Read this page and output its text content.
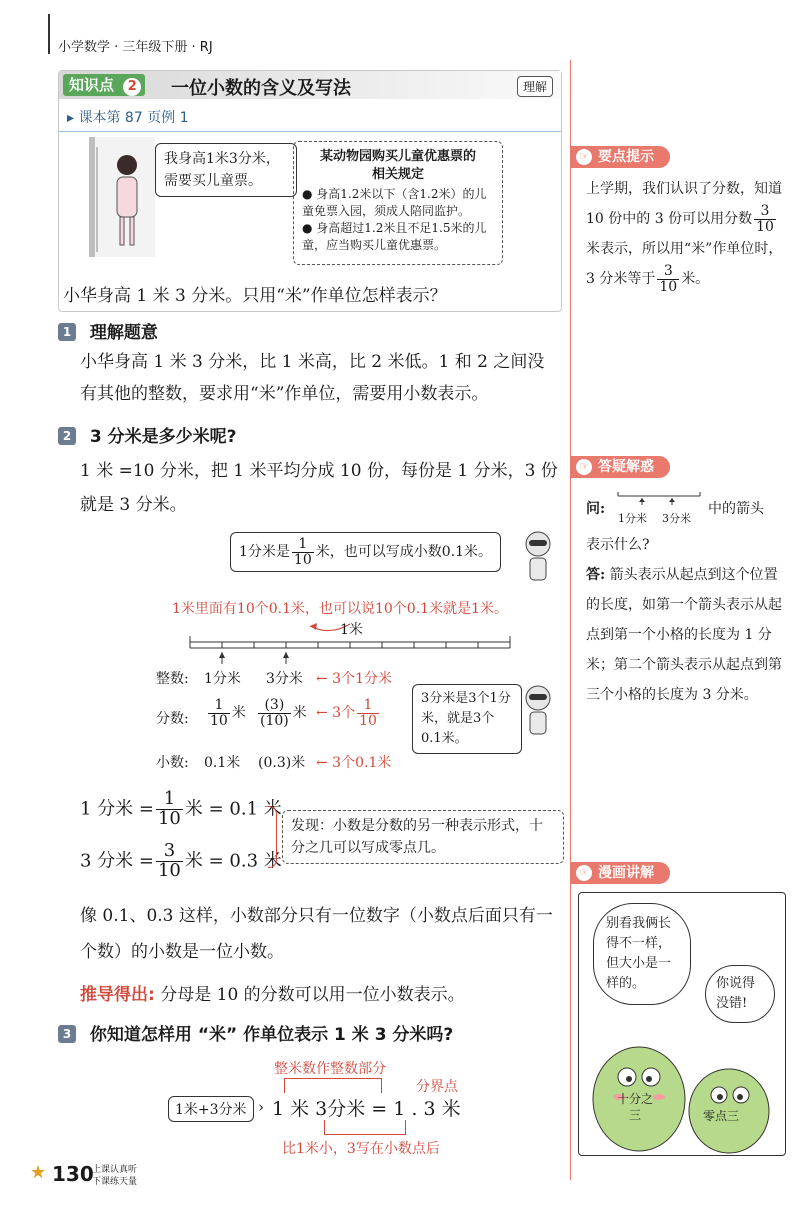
小学数学 · 三年级下册 · RJ
知识点 2	一位小数的含义及写法	理解
▸ 课本第 87 页例 1
我身高1米3分米，需要买儿童票。
某动物园购买儿童优惠票的相关规定
● 身高1.2米以下（含1.2米）的儿童免票入园，须成人陪同监护。
● 身高超过1.2米且不足1.5米的儿童，应当购买儿童优惠票。
小华身高 1 米 3 分米。只用“米”作单位怎样表示？
1 理解题意
小华身高 1 米 3 分米，比 1 米高，比 2 米低。1 和 2 之间没有其他的整数，要求用“米”作单位，需要用小数表示。
2 3 分米是多少米呢?
1 米 =10 分米，把 1 米平均分成 10 份，每份是 1 分米，3 份就是 3 分米。
1分米是 $\frac{1}{10}$ 米，也可以写成小数0.1米。
1米里面有10个0.1米，也可以说10个0.1米就是1米。
1米
整数: 1分米 3分米 ← 3个1分米
分数: $\frac{1}{10}$ 米 $\frac{(3)}{(10)}$ 米 ← 3个 $\frac{1}{10}$
小数: 0.1米 (0.3)米 ← 3个0.1米
3分米是3个1分米，就是3个0.1米。
1 分米 = $\frac{1}{10}$ 米 = 0.1 米
3 分米 = $\frac{3}{10}$ 米 = 0.3 米
发现：小数是分数的另一种表示形式，十分之几可以写成零点几。
像 0.1、0.3 这样，小数部分只有一位数字（小数点后面只有一个数）的小数是一位小数。
推导得出: 分母是 10 的分数可以用一位小数表示。
3 你知道怎样用 “米” 作单位表示 1 米 3 分米吗?
整米数作整数部分
分界点
1米+3分米 › 1 米 3分米 = 1 . 3 米
比1米小，3写在小数点后
☞ 要点提示
上学期，我们认识了分数，知道 10 份中的 3 份可以用分数 $\frac{3}{10}$
米表示，所以用“米”作单位时，3 分米等于 $\frac{3}{10}$ 米。
☞ 答疑解惑
问:
1分米 3分米
中的箭头
表示什么?
答: 箭头表示从起点到这个位置的长度，如第一个箭头表示从起点到第一个小格的长度为 1 分米；第二个箭头表示从起点到第三个小格的长度为 3 分米。
☞ 漫画讲解
别看我俩长得不一样，但大小是一样的。	你说得没错!
十分之三	零点三
★ 130
上课认真听
下课练天量
